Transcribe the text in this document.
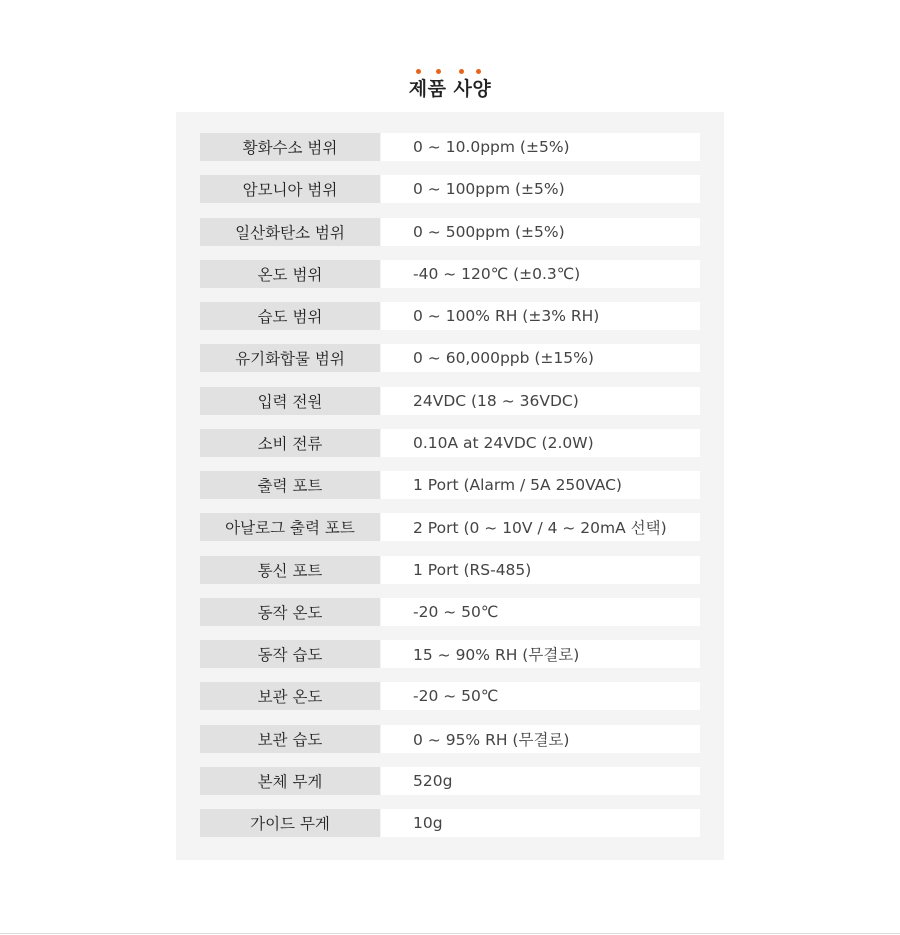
제품 사양
황화수소 범위	0 ~ 10.0ppm (±5%)
암모니아 범위	0 ~ 100ppm (±5%)
일산화탄소 범위	0 ~ 500ppm (±5%)
온도 범위	-40 ~ 120℃ (±0.3℃)
습도 범위	0 ~ 100% RH (±3% RH)
유기화합물 범위	0 ~ 60,000ppb (±15%)
입력 전원	24VDC (18 ~ 36VDC)
소비 전류	0.10A at 24VDC (2.0W)
출력 포트	1 Port (Alarm / 5A 250VAC)
아날로그 출력 포트	2 Port (0 ~ 10V / 4 ~ 20mA 선택)
통신 포트	1 Port (RS-485)
동작 온도	-20 ~ 50℃
동작 습도	15 ~ 90% RH (무결로)
보관 온도	-20 ~ 50℃
보관 습도	0 ~ 95% RH (무결로)
본체 무게	520g
가이드 무게	10g
